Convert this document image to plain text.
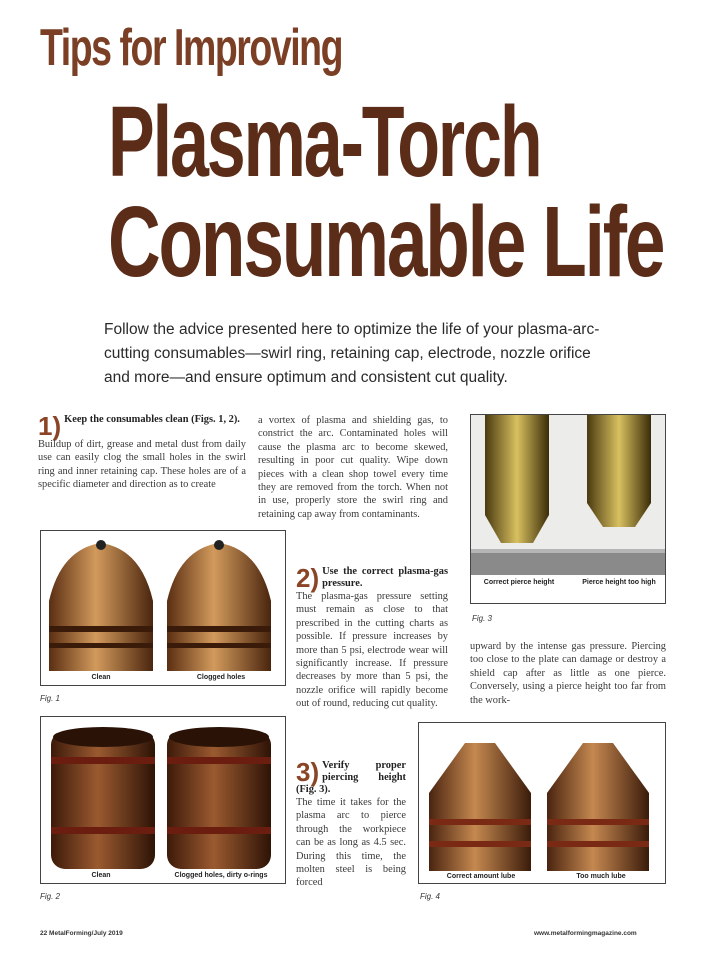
Tips for Improving
Plasma-Torch
Consumable Life
Follow the advice presented here to optimize the life of your plasma-arc-cutting consumables—swirl ring, retaining cap, electrode, nozzle orifice and more—and ensure optimum and consistent cut quality.
1) Keep the consumables clean (Figs. 1, 2).

Buildup of dirt, grease and metal dust from daily use can easily clog the small holes in the swirl ring and inner retaining cap. These holes are of a specific diameter and direction as to create

a vortex of plasma and shielding gas, to constrict the arc. Contaminated holes will cause the plasma arc to become skewed, resulting in poor cut quality. Wipe down pieces with a clean shop towel every time they are removed from the torch. When not in use, properly store the swirl ring and retaining cap away from contaminants.
2) Use the correct plasma-gas pressure.

The plasma-gas pressure setting must remain as close to that prescribed in the cutting charts as possible. If pressure increases by more than 5 psi, electrode wear will significantly increase. If pressure decreases by more than 5 psi, the nozzle orifice will rapidly become out of round, reducing cut quality.

3) Verify proper piercing height (Fig. 3).

The time it takes for the plasma arc to pierce through the workpiece can be as long as 4.5 sec. During this time, the molten steel is being forced

upward by the intense gas pressure. Piercing too close to the plate can damage or destroy a shield cap after as little as one pierce. Conversely, using a pierce height too far from the work-
Clean	Clogged holes
Fig. 1
Clean	Clogged holes, dirty o-rings
Fig. 2
Correct pierce height	Pierce height too high
Fig. 3
Correct amount lube	Too much lube
Fig. 4
22 MetalForming/July 2019	www.metalformingmagazine.com
